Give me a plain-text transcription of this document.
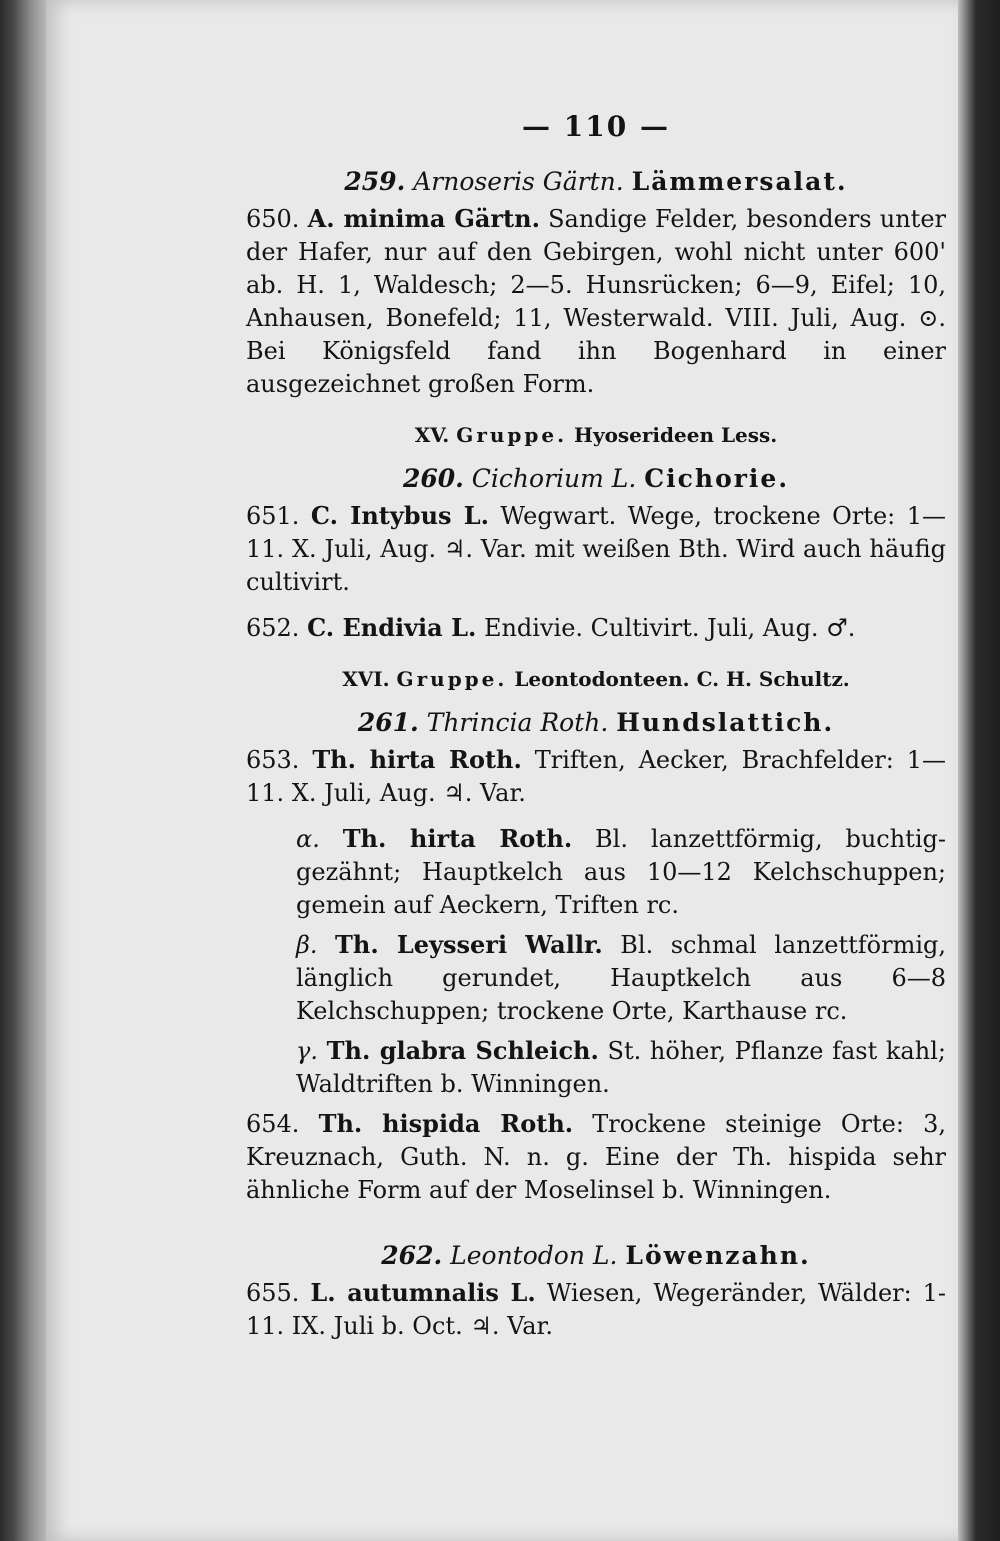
— 110 —
259. Arnoseris Gärtn. Lämmersalat.

650. A. minima Gärtn. Sandige Felder, besonders unter der Hafer, nur auf den Gebirgen, wohl nicht unter 600' ab. H. 1, Waldesch; 2—5. Hunsrücken; 6—9, Eifel; 10, Anhausen, Bonefeld; 11, Westerwald. VIII. Juli, Aug. ⊙. Bei Königsfeld fand ihn Bogenhard in einer ausgezeichnet großen Form.

XV. Gruppe. Hyoserideen Less.
260. Cichorium L. Cichorie.

651. C. Intybus L. Wegwart. Wege, trockene Orte: 1—11. X. Juli, Aug. ♃. Var. mit weißen Bth. Wird auch häufig cultivirt.

652. C. Endivia L. Endivie. Cultivirt. Juli, Aug. ♂.

XVI. Gruppe. Leontodonteen. C. H. Schultz.
261. Thrincia Roth. Hundslattich.

653. Th. hirta Roth. Triften, Aecker, Brachfelder: 1—11. X. Juli, Aug. ♃. Var.

α. Th. hirta Roth. Bl. lanzettförmig, buchtig-gezähnt; Hauptkelch aus 10—12 Kelchschuppen; gemein auf Aeckern, Triften rc.

β. Th. Leysseri Wallr. Bl. schmal lanzettförmig, länglich gerundet, Hauptkelch aus 6—8 Kelchschuppen; trockene Orte, Karthause rc.

γ. Th. glabra Schleich. St. höher, Pflanze fast kahl; Waldtriften b. Winningen.

654. Th. hispida Roth. Trockene steinige Orte: 3, Kreuznach, Guth. N. n. g. Eine der Th. hispida sehr ähnliche Form auf der Moselinsel b. Winningen.

262. Leontodon L. Löwenzahn.

655. L. autumnalis L. Wiesen, Wegeränder, Wälder: 1-11. IX. Juli b. Oct. ♃. Var.
